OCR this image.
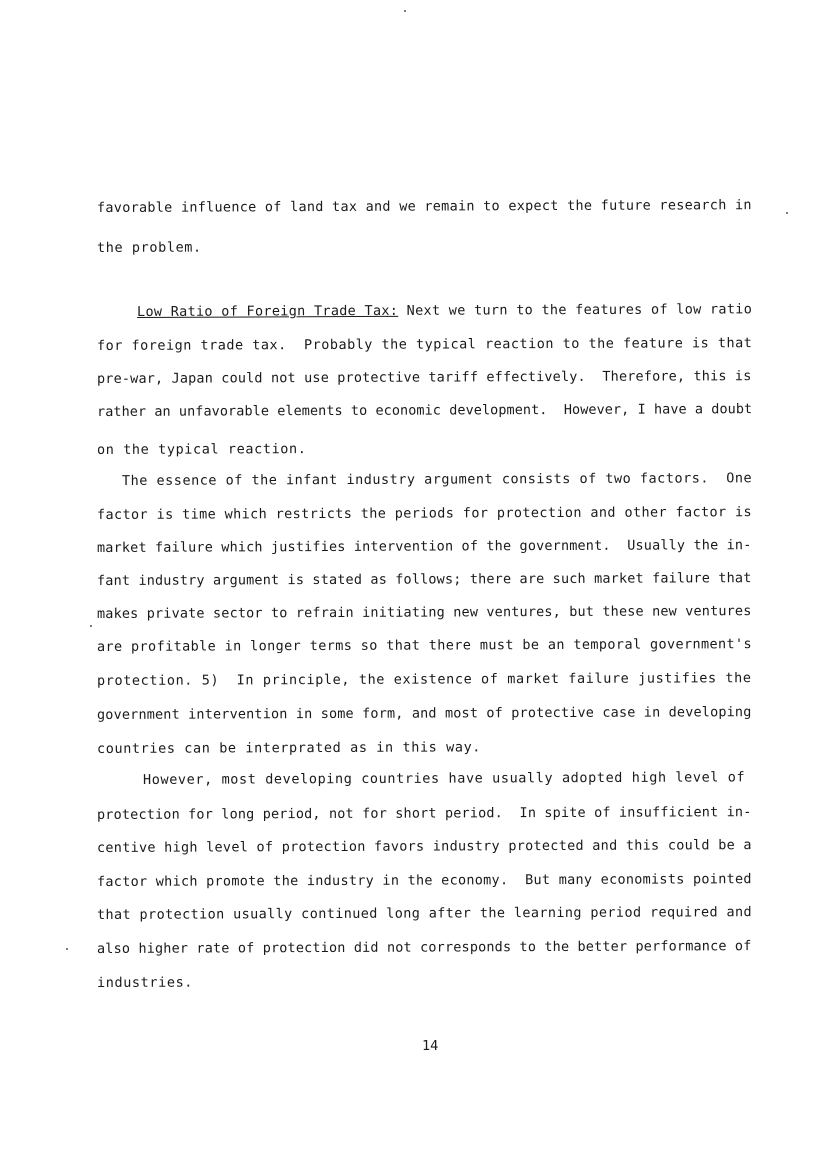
favorable influence of land tax and we remain to expect the future research in
the problem.
Low Ratio of Foreign Trade Tax: Next we turn to the features of low ratio
for foreign trade tax.  Probably the typical reaction to the feature is that
pre-war, Japan could not use protective tariff effectively.  Therefore, this is
rather an unfavorable elements to economic development.  However, I have a doubt
on the typical reaction.
The essence of the infant industry argument consists of two factors.  One
factor is time which restricts the periods for protection and other factor is
market failure which justifies intervention of the government.  Usually the in-
fant industry argument is stated as follows; there are such market failure that
makes private sector to refrain initiating new ventures, but these new ventures
are profitable in longer terms so that there must be an temporal government's
protection. 5)  In principle, the existence of market failure justifies the
government intervention in some form, and most of protective case in developing
countries can be interprated as in this way.
However, most developing countries have usually adopted high level of
protection for long period, not for short period.  In spite of insufficient in-
centive high level of protection favors industry protected and this could be a
factor which promote the industry in the economy.  But many economists pointed
that protection usually continued long after the learning period required and
also higher rate of protection did not corresponds to the better performance of
industries.
14
